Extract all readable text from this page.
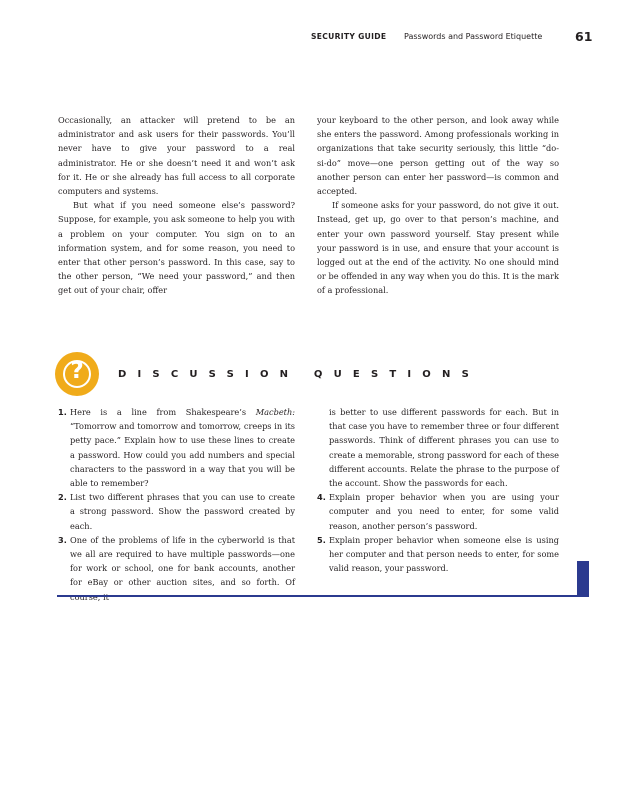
SECURITY GUIDE Passwords and Password Etiquette	61

Occasionally, an attacker will pretend to be an administrator and ask users for their passwords. You’ll never have to give your password to a real administrator. He or she doesn’t need it and won’t ask for it. He or she already has full access to all corporate computers and systems.

But what if you need someone else’s password? Suppose, for example, you ask someone to help you with a problem on your computer. You sign on to an information system, and for some reason, you need to enter that other person’s password. In this case, say to the other person, “We need your password,” and then get out of your chair, offer

your keyboard to the other person, and look away while she enters the password. Among professionals working in organizations that take security seriously, this little “do-si-do” move—one person getting out of the way so another person can enter her password—is common and accepted.

If someone asks for your password, do not give it out. Instead, get up, go over to that person’s machine, and enter your own password yourself. Stay present while your password is in use, and ensure that your account is logged out at the end of the activity. No one should mind or be offended in any way when you do this. It is the mark of a professional.

?	DISCUSSION QUESTIONS
1. Here is a line from Shakespeare’s Macbeth: “Tomorrow and tomorrow and tomorrow, creeps in its petty pace.” Explain how to use these lines to create a password. How could you add numbers and special characters to the password in a way that you will be able to remember?

2. List two different phrases that you can use to create a strong password. Show the password created by each.

3. One of the problems of life in the cyberworld is that we all are required to have multiple passwords—one for work or school, one for bank accounts, another for eBay or other auction sites, and so forth. Of

is better to use different passwords for each. But in that case you have to remember three or four different passwords. Think of different phrases you can use to create a memorable, strong password for each of these different accounts. Relate the phrase to the purpose of the account. Show the passwords for each.

4. Explain proper behavior when you are using your computer and you need to enter, for some valid reason, another person’s password.

5. Explain proper behavior when someone else is using her computer and that person needs to enter, for some valid reason, your password.
